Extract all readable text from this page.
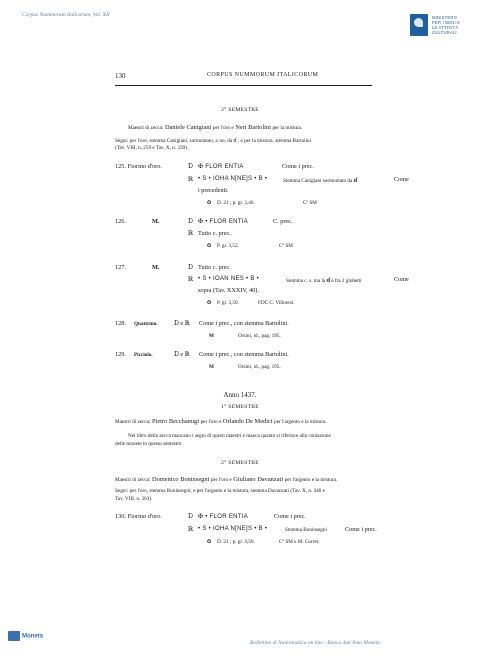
Corpus Nummorum Italicorum, Vol. XII	MINISTERO
PER I BENI E
LE ATTIVITÀ
CULTURALI
130	CORPUS NUMMORUM ITALICORUM
2° SEMESTRE
Maestri di zecca: Daniele Canigiani per l'oro e Neri Bartolini per la mistura.
Segni: per l'oro, stemma Canigiani, sormontato, o no, da ɗ ; e per la mistura, stemma Bartolini
(Tav. VIII, n. 259 e Tav. X, n. 339).
125. Fiorino d'oro.	Ɒ ✠ FLOR ENTIA	Come i prec.
ℝ • S • IOHA N[NE]S • B •	Stemma Canigiani sormontato da ɗ	Come
i precedenti.
✪ D. 21 ; p. gr. 3,46.	Cº SM
126.	M.	Ɒ ✠ • FLOR ENTIA	C. prec.
ℝ Tutto c. prec.
✪ P. gr. 3,52.	Cº SM
127.	M.	Ɒ Tutto c. prec.
ℝ • S • IOAN NES • B •	Stemma c. s. ma la ɗ è fra 2 globetti	Come
sopra (Tav. XXXIV, 40).
✪ P. gr. 3,50.	FDC C. Villoresi.
128. Quattrino.	Ɒ e ℝ Come i prec., con stemma Bartolini.
M	Orsini, id., pag. 195.
129. Picciolo.	Ɒ e ℝ Come i prec., con stemma Bartolini.
M	Orsini, id., pag. 195.
Anno 1437.
1° SEMESTRE
Maestri di zecca: Pietro Becchanugi per l'oro e Orlando De Medici per l'argento e la mistura.
Nel libro della zecca mancano i segni di questi maestri e manca quanto si riferisce alla coniazione
delle monete in questo semestre.
2° SEMESTRE
Maestri di zecca: Domenico Boninsegni per l'oro e Giuliano Davanzati per l'argento e la mistura.
Segni: per l'oro, stemma Boninsegni; e per l'argento e la mistura, stemma Davanzati (Tav. X, n. 340 e
Tav. VIII, n. 263).
130. Fiorino d'oro.	Ɒ ✠ • FLOR ENTIA	Come i prec.
ℝ • S • IOHA N[NE]S • B •	Stemma Boninsegni	Come i prec.
✪ D. 21 ; p. gr. 3,50.	Cº SM e M. Correr.
Moneta
Bollettino di Numismatica on line - Banca dati Ibno Moneta
